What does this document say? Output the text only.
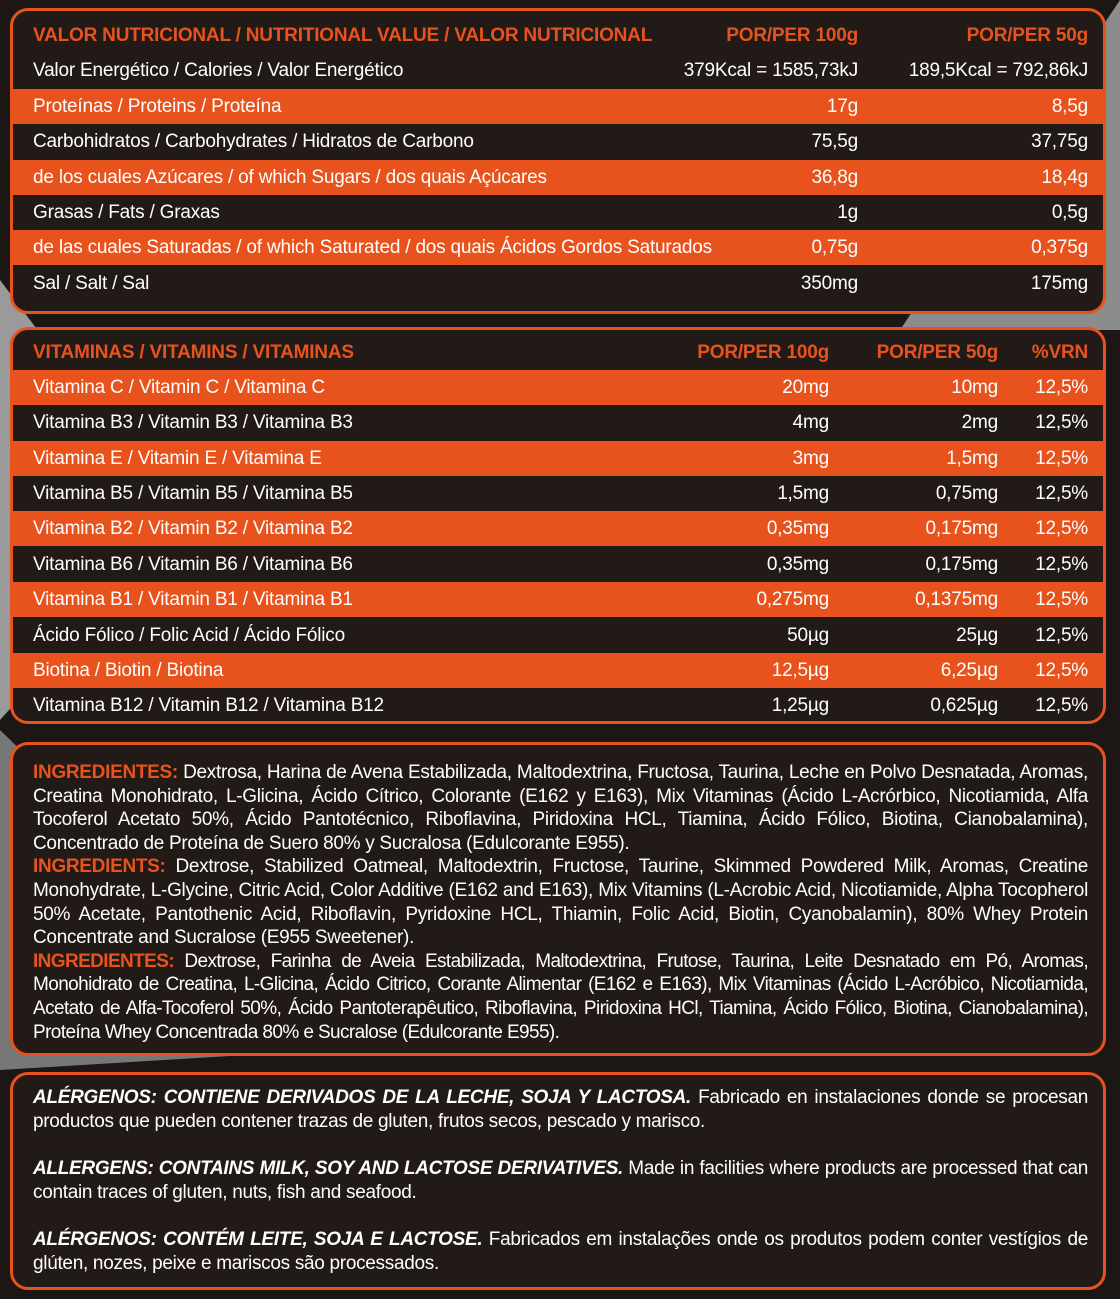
VALOR NUTRICIONAL / NUTRITIONAL VALUE / VALOR NUTRICIONAL	POR/PER 100g	POR/PER 50g
Valor Energético / Calories / Valor Energético	379Kcal = 1585,73kJ	189,5Kcal = 792,86kJ
Proteínas / Proteins / Proteína	17g	8,5g
Carbohidratos / Carbohydrates / Hidratos de Carbono	75,5g	37,75g
de los cuales Azúcares / of which Sugars / dos quais Açúcares	36,8g	18,4g
Grasas / Fats / Graxas	1g	0,5g
de las cuales Saturadas / of which Saturated / dos quais Ácidos Gordos Saturados	0,75g	0,375g
Sal / Salt / Sal	350mg	175mg
VITAMINAS / VITAMINS / VITAMINAS	POR/PER 100g	POR/PER 50g %VRN
Vitamina C / Vitamin C / Vitamina C	20mg	10mg 12,5%
Vitamina B3 / Vitamin B3 / Vitamina B3	4mg	2mg 12,5%
Vitamina E / Vitamin E / Vitamina E	3mg	1,5mg 12,5%
Vitamina B5 / Vitamin B5 / Vitamina B5	1,5mg	0,75mg 12,5%
Vitamina B2 / Vitamin B2 / Vitamina B2	0,35mg	0,175mg 12,5%
Vitamina B6 / Vitamin B6 / Vitamina B6	0,35mg	0,175mg 12,5%
Vitamina B1 / Vitamin B1 / Vitamina B1	0,275mg	0,1375mg 12,5%
Ácido Fólico / Folic Acid / Ácido Fólico	50µg	25µg 12,5%
Biotina / Biotin / Biotina	12,5µg	6,25µg 12,5%
Vitamina B12 / Vitamin B12 / Vitamina B12	1,25µg	0,625µg 12,5%

INGREDIENTES: Dextrosa, Harina de Avena Estabilizada, Maltodextrina, Fructosa, Taurina, Leche en Polvo Desnatada, Aromas, Creatina Monohidrato, L-Glicina, Ácido Cítrico, Colorante (E162 y E163), Mix Vitaminas (Ácido L-Acrórbico, Nicotiamida, Alfa Tocoferol Acetato 50%, Ácido Pantotécnico, Riboflavina, Piridoxina HCL, Tiamina, Ácido Fólico, Biotina, Cianobalamina), Concentrado de Proteína de Suero 80% y Sucralosa (Edulcorante E955).

INGREDIENTS: Dextrose, Stabilized Oatmeal, Maltodextrin, Fructose, Taurine, Skimmed Powdered Milk, Aromas, Creatine Monohydrate, L-Glycine, Citric Acid, Color Additive (E162 and E163), Mix Vitamins (L-Acrobic Acid, Nicotiamide, Alpha Tocopherol 50% Acetate, Pantothenic Acid, Riboflavin, Pyridoxine HCL, Thiamin, Folic Acid, Biotin, Cyanobalamin), 80% Whey Protein Concentrate and Sucralose (E955 Sweetener).

INGREDIENTES: Dextrose, Farinha de Aveia Estabilizada, Maltodextrina, Frutose, Taurina, Leite Desnatado em Pó, Aromas, Monohidrato de Creatina, L-Glicina, Ácido Citrico, Corante Alimentar (E162 e E163), Mix Vitaminas (Ácido L-Acróbico, Nicotiamida, Acetato de Alfa-Tocoferol 50%, Ácido Pantoterapêutico, Riboflavina, Piridoxina HCl, Tiamina, Ácido Fólico, Biotina, Cianobalamina), Proteína Whey Concentrada 80% e Sucralose (Edulcorante E955).

ALÉRGENOS: CONTIENE DERIVADOS DE LA LECHE, SOJA Y LACTOSA. Fabricado en instalaciones donde se procesan productos que pueden contener trazas de gluten, frutos secos, pescado y marisco.

ALLERGENS: CONTAINS MILK, SOY AND LACTOSE DERIVATIVES. Made in facilities where products are processed that can contain traces of gluten, nuts, fish and seafood.

ALÉRGENOS: CONTÉM LEITE, SOJA E LACTOSE. Fabricados em instalações onde os produtos podem conter vestígios de glúten, nozes, peixe e mariscos são processados.
